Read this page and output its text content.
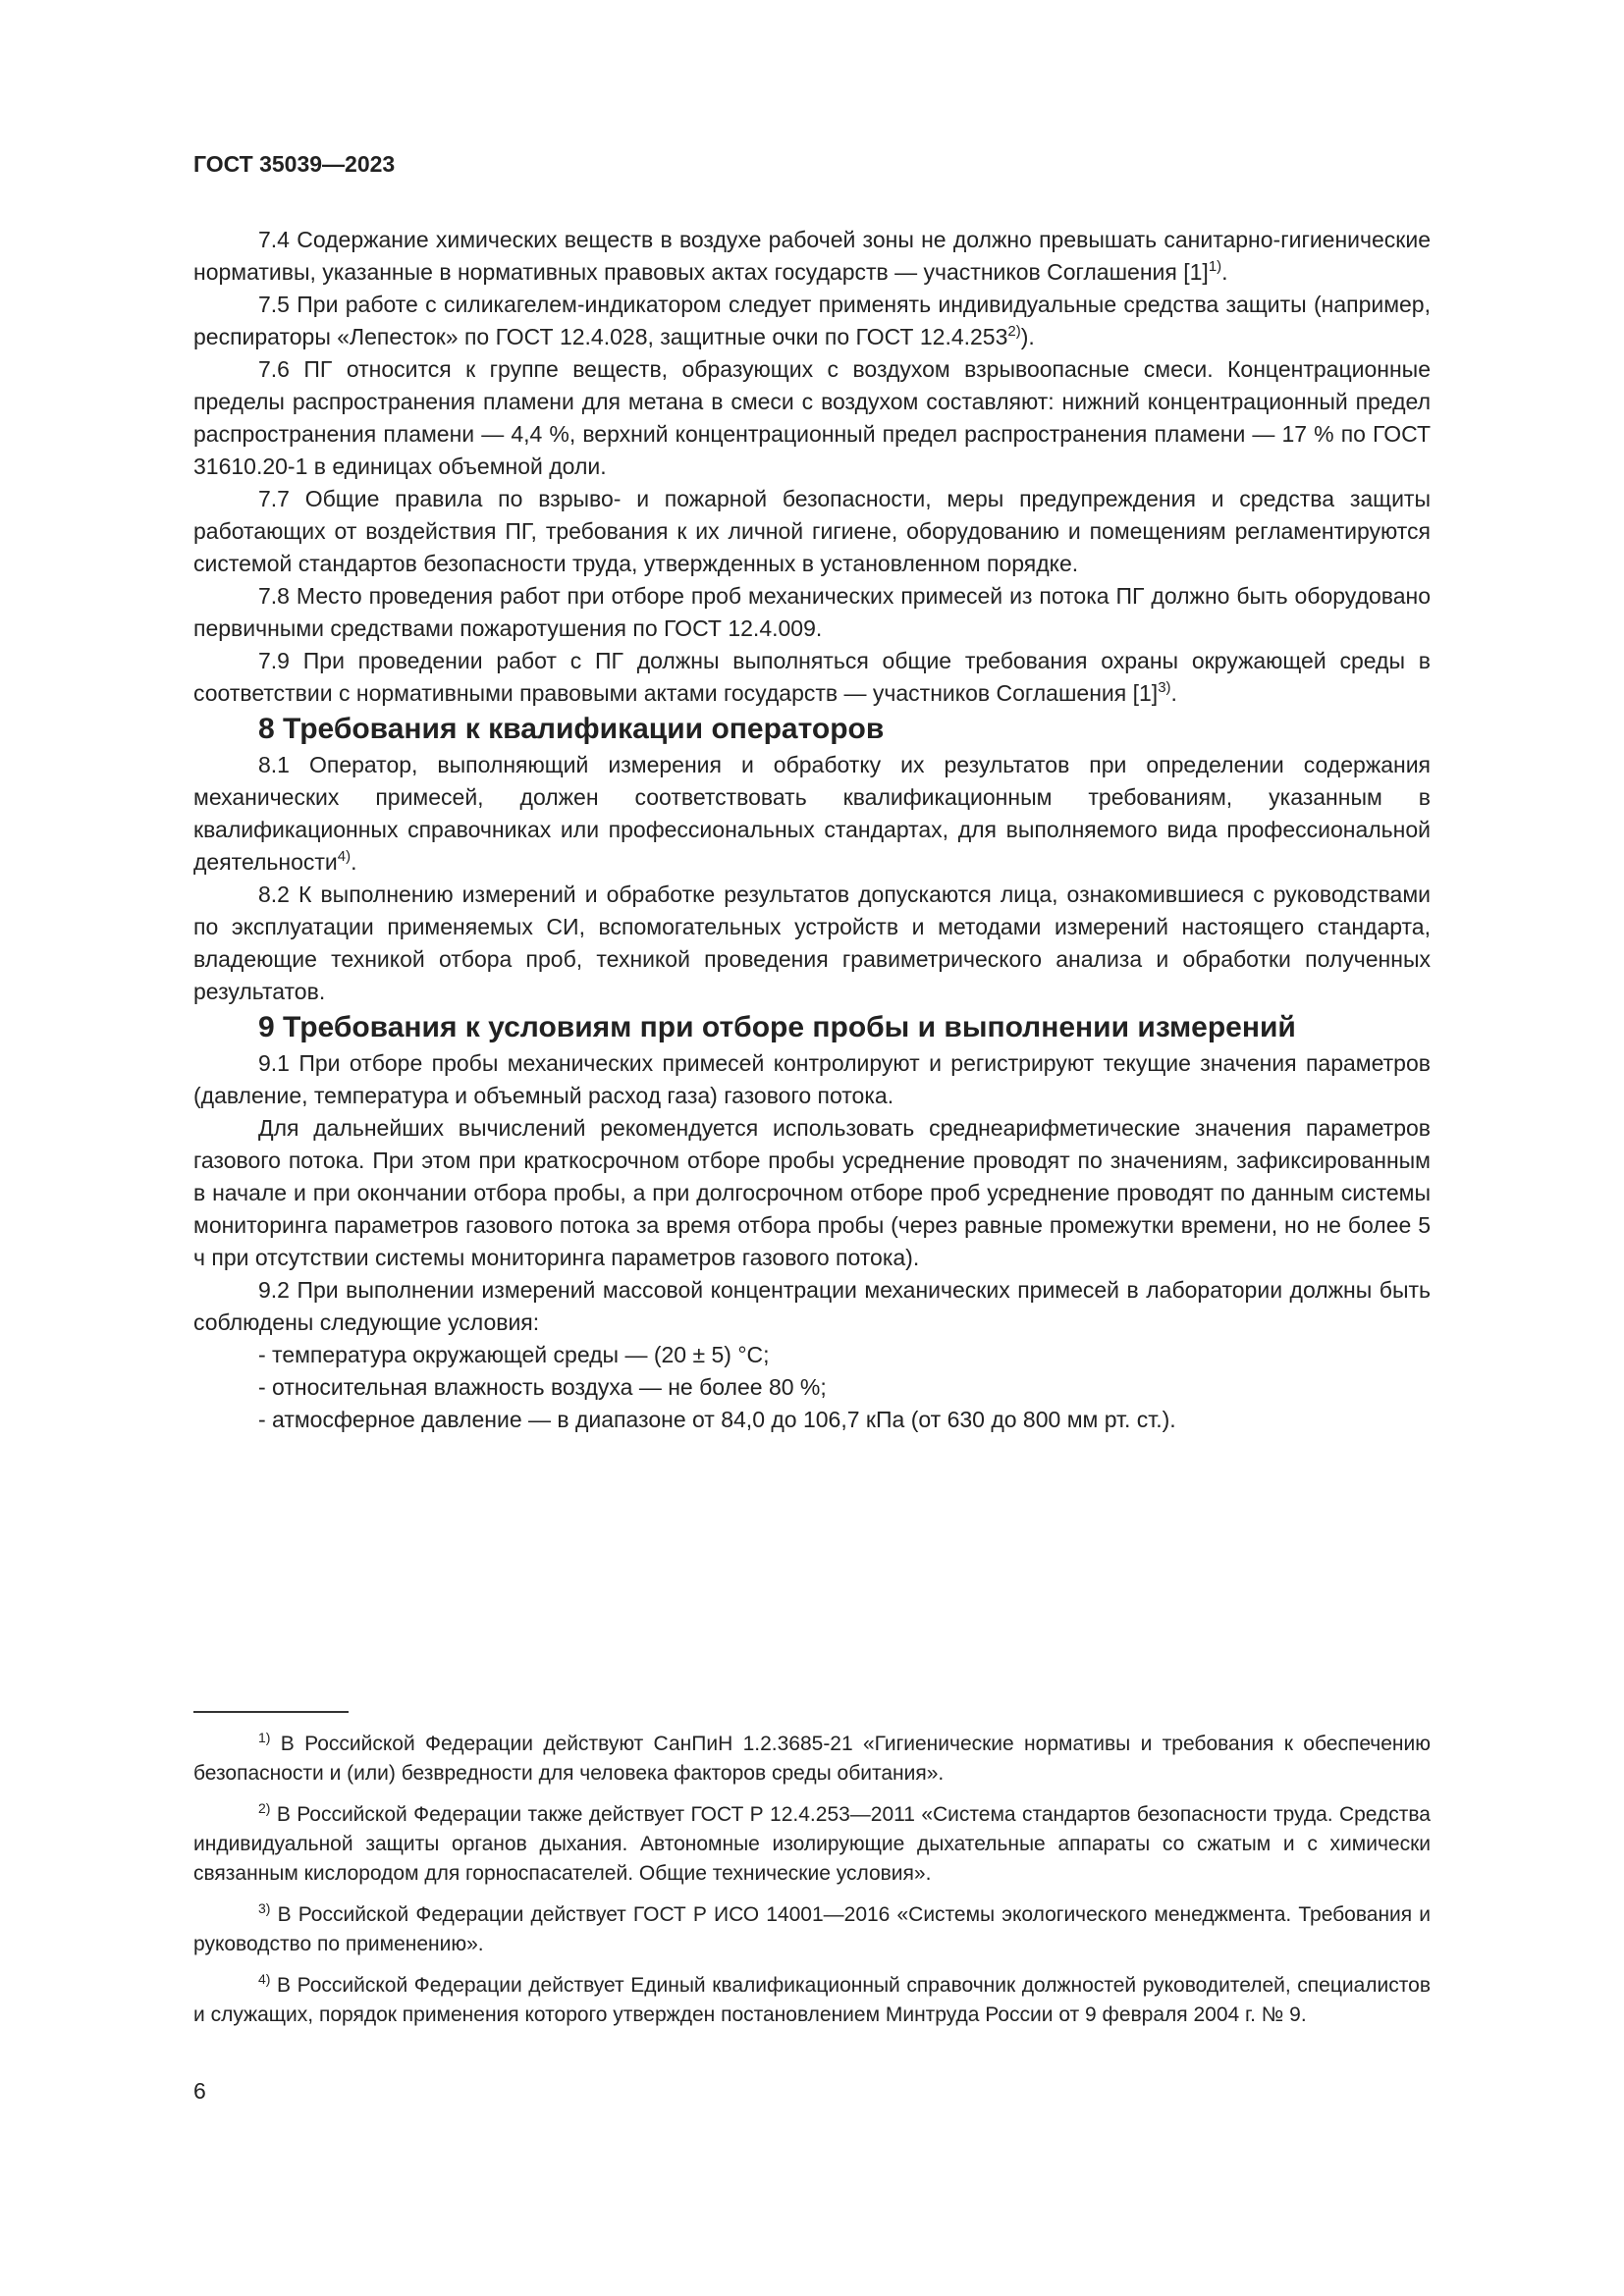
ГОСТ 35039—2023

7.4 Содержание химических веществ в воздухе рабочей зоны не должно превышать санитарно-гигиенические нормативы, указанные в нормативных правовых актах государств — участников Соглашения $[1]^{1)}$.

7.5 При работе с силикагелем-индикатором следует применять индивидуальные средства защиты (например, респираторы «Лепесток» по ГОСТ 12.4.028, защитные очки по ГОСТ 12.4.253$^{2)}$).

7.6 ПГ относится к группе веществ, образующих с воздухом взрывоопасные смеси. Концентрационные пределы распространения пламени для метана в смеси с воздухом составляют: нижний концентрационный предел распространения пламени — 4,4 %, верхний концентрационный предел распространения пламени — 17 % по ГОСТ 31610.20-1 в единицах объемной доли.

7.7 Общие правила по взрыво- и пожарной безопасности, меры предупреждения и средства защиты работающих от воздействия ПГ, требования к их личной гигиене, оборудованию и помещениям регламентируются системой стандартов безопасности труда, утвержденных в установленном порядке.

7.8 Место проведения работ при отборе проб механических примесей из потока ПГ должно быть оборудовано первичными средствами пожаротушения по ГОСТ 12.4.009.

7.9 При проведении работ с ПГ должны выполняться общие требования охраны окружающей среды в соответствии с нормативными правовыми актами государств — участников Соглашения $[1]^{3)}$.

8 Требования к квалификации операторов

8.1 Оператор, выполняющий измерения и обработку их результатов при определении содержания механических примесей, должен соответствовать квалификационным требованиям, указанным в квалификационных справочниках или профессиональных стандартах, для выполняемого вида профессиональной деятельности$^{4)}$.

8.2 К выполнению измерений и обработке результатов допускаются лица, ознакомившиеся с руководствами по эксплуатации применяемых СИ, вспомогательных устройств и методами измерений настоящего стандарта, владеющие техникой отбора проб, техникой проведения гравиметрического анализа и обработки полученных результатов.

9 Требования к условиям при отборе пробы и выполнении измерений

9.1 При отборе пробы механических примесей контролируют и регистрируют текущие значения параметров (давление, температура и объемный расход газа) газового потока.

Для дальнейших вычислений рекомендуется использовать среднеарифметические значения параметров газового потока. При этом при краткосрочном отборе пробы усреднение проводят по значениям, зафиксированным в начале и при окончании отбора пробы, а при долгосрочном отборе проб усреднение проводят по данным системы мониторинга параметров газового потока за время отбора пробы (через равные промежутки времени, но не более 5 ч при отсутствии системы мониторинга параметров газового потока).

9.2 При выполнении измерений массовой концентрации механических примесей в лаборатории должны быть соблюдены следующие условия:

- температура окружающей среды — (20 ± 5) °С;

- относительная влажность воздуха — не более 80 %;

- атмосферное давление — в диапазоне от 84,0 до 106,7 кПа (от 630 до 800 мм рт. ст.).

$^{1)}$ В Российской Федерации действуют СанПиН 1.2.3685-21 «Гигиенические нормативы и требования к обеспечению безопасности и (или) безвредности для человека факторов среды обитания».

$^{2)}$ В Российской Федерации также действует ГОСТ Р 12.4.253—2011 «Система стандартов безопасности труда. Средства индивидуальной защиты органов дыхания. Автономные изолирующие дыхательные аппараты со сжатым и с химически связанным кислородом для горноспасателей. Общие технические условия».

$^{3)}$ В Российской Федерации действует ГОСТ Р ИСО 14001—2016 «Системы экологического менеджмента. Требования и руководство по применению».

$^{4)}$ В Российской Федерации действует Единый квалификационный справочник должностей руководителей, специалистов и служащих, порядок применения которого утвержден постановлением Минтруда России от 9 февраля 2004 г. № 9.

6
